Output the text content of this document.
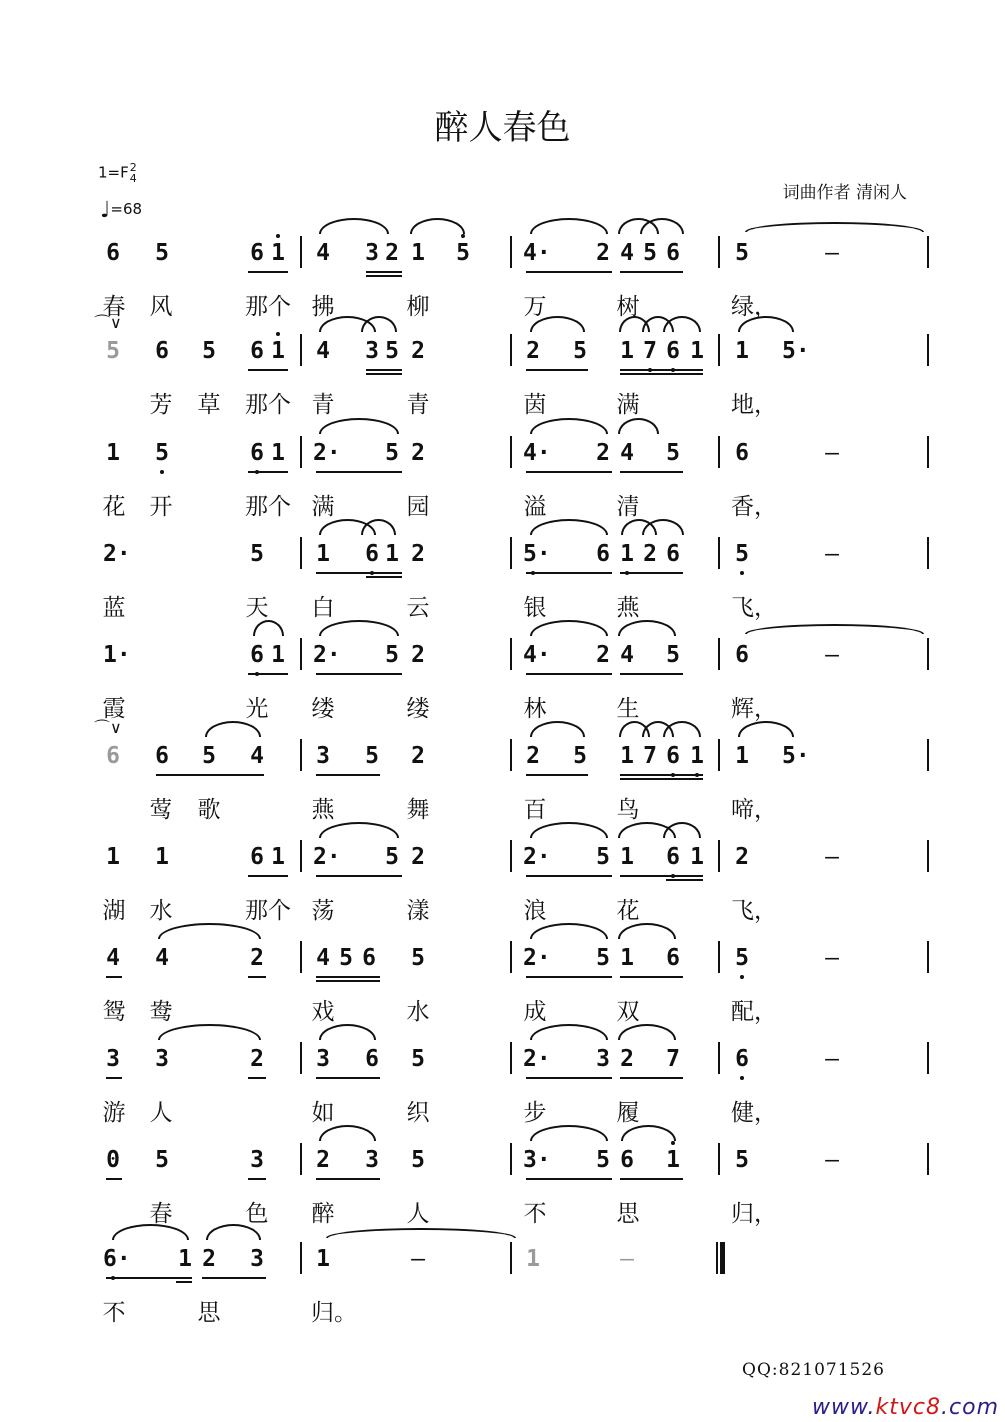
醉人春色
1=F2
4
♩=68
词曲作者 清闲人
6 5	6 1 4 3 2 1 5 4· 2 4 5 6 5	–
春 风	那个 拂	柳	万	树	绿，
5 6 5 6 1 4 3 5 2	2 5 1 7 6 1 1 5·
⌒∨
芳 草 那个 青	青	茵	满	地，
1 5	6 1 2· 5 2	4· 2 4 5 6	–
花 开	那个 满	园	溢	清	香，
2·	5 1 6 1 2	5· 6 1 2 6 5	–
蓝	天 白	云	银	燕	飞，
1·	6 1 2· 5 2	4· 2 4 5 6	–
霞	光 缕	缕	林	生	辉，
6 6 5 4 3 5 2	2 5 1 7 6 1 1 5·
⌒∨
莺 歌	燕	舞	百	鸟	啼，
1 1	6 1 2· 5 2	2· 5 1 6 1 2	–
湖 水	那个 荡	漾	浪	花	飞，
4 4	2 4 5 6 5	2· 5 1 6 5	–
鸳 鸯	戏	水	成	双	配，
3 3	2 3 6 5	2· 3 2 7 6	–
游 人	如	织	步	履	健，
0 5	3 2 3 5	3· 5 6 1 5	–
春	色 醉	人	不	思	归，
6· 1 2 3 1	–	1	–
不	思	归。
QQ:821071526
www.ktvc8.com
